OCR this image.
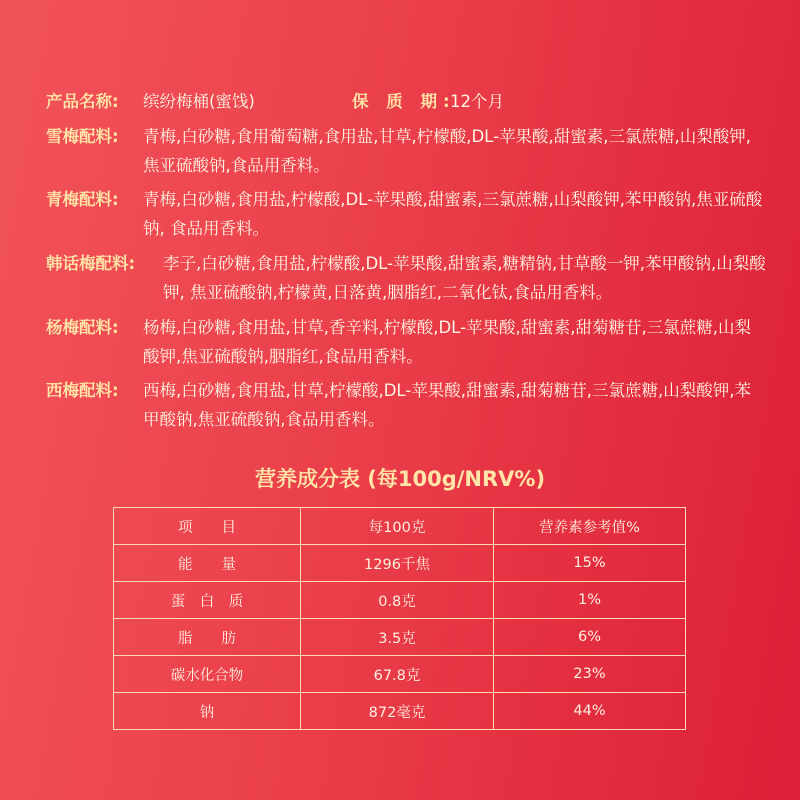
产品名称: 缤纷梅桶(蜜饯)	保 质 期:
12个月
雪梅配料: 青梅,白砂糖,食用葡萄糖,食用盐,甘草,柠檬酸,DL-苹果酸,甜蜜素,三氯蔗糖,山梨酸钾,焦亚硫酸钠,食品用香料。
青梅配料: 青梅,白砂糖,食用盐,柠檬酸,DL-苹果酸,甜蜜素,三氯蔗糖,山梨酸钾,苯甲酸钠,焦亚硫酸钠, 食品用香料。
韩话梅配料: 李子,白砂糖,食用盐,柠檬酸,DL-苹果酸,甜蜜素,糖精钠,甘草酸一钾,苯甲酸钠,山梨酸钾, 焦亚硫酸钠,柠檬黄,日落黄,胭脂红,二氧化钛,食品用香料。
杨梅配料: 杨梅,白砂糖,食用盐,甘草,香辛料,柠檬酸,DL-苹果酸,甜蜜素,甜菊糖苷,三氯蔗糖,山梨酸钾,焦亚硫酸钠,胭脂红,食品用香料。
西梅配料: 西梅,白砂糖,食用盐,甘草,柠檬酸,DL-苹果酸,甜蜜素,甜菊糖苷,三氯蔗糖,山梨酸钾,苯甲酸钠,焦亚硫酸钠,食品用香料。
营养成分表 (每100g/NRV%)
项　　目	每100克	营养素参考值%
能　　量	1296千焦	15%
蛋　白　质	0.8克	1%
脂　　肪	3.5克	6%
碳水化合物	67.8克	23%
钠	872毫克	44%
